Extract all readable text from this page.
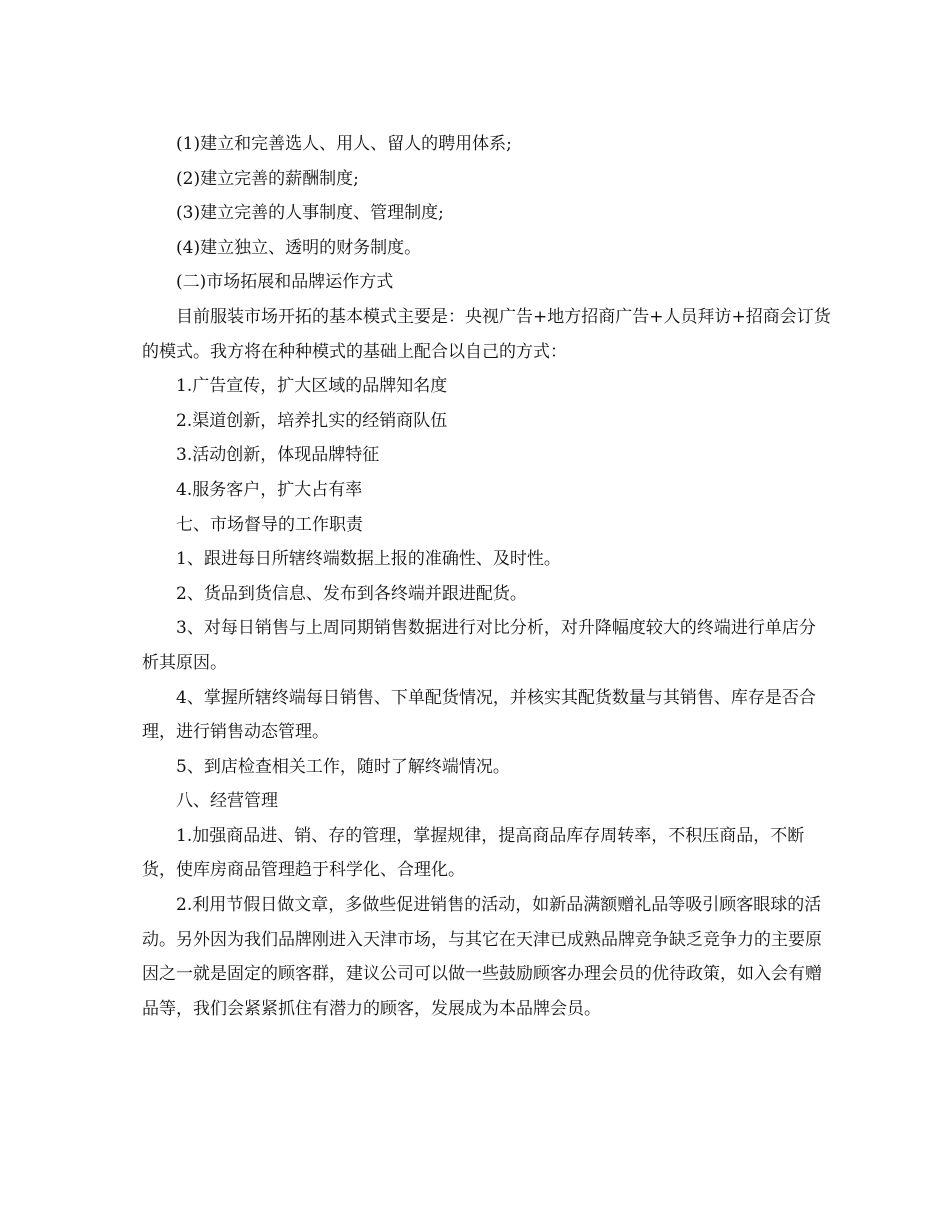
(1)建立和完善选人、用人、留人的聘用体系;

(2)建立完善的薪酬制度;

(3)建立完善的人事制度、管理制度;

(4)建立独立、透明的财务制度。

(二)市场拓展和品牌运作方式

目前服装市场开拓的基本模式主要是：央视广告+地方招商广告+人员拜访+招商会订货的模式。我方将在种种模式的基础上配合以自己的方式：

1.广告宣传，扩大区域的品牌知名度

2.渠道创新，培养扎实的经销商队伍

3.活动创新，体现品牌特征

4.服务客户，扩大占有率

七、市场督导的工作职责

1、跟进每日所辖终端数据上报的准确性、及时性。

2、货品到货信息、发布到各终端并跟进配货。

3、对每日销售与上周同期销售数据进行对比分析，对升降幅度较大的终端进行单店分析其原因。

4、掌握所辖终端每日销售、下单配货情况，并核实其配货数量与其销售、库存是否合理，进行销售动态管理。

5、到店检查相关工作，随时了解终端情况。

八、经营管理

1.加强商品进、销、存的管理，掌握规律，提高商品库存周转率，不积压商品，不断货，使库房商品管理趋于科学化、合理化。

2.利用节假日做文章，多做些促进销售的活动，如新品满额赠礼品等吸引顾客眼球的活动。另外因为我们品牌刚进入天津市场，与其它在天津已成熟品牌竞争缺乏竞争力的主要原因之一就是固定的顾客群，建议公司可以做一些鼓励顾客办理会员的优待政策，如入会有赠品等，我们会紧紧抓住有潜力的顾客，发展成为本品牌会员。
